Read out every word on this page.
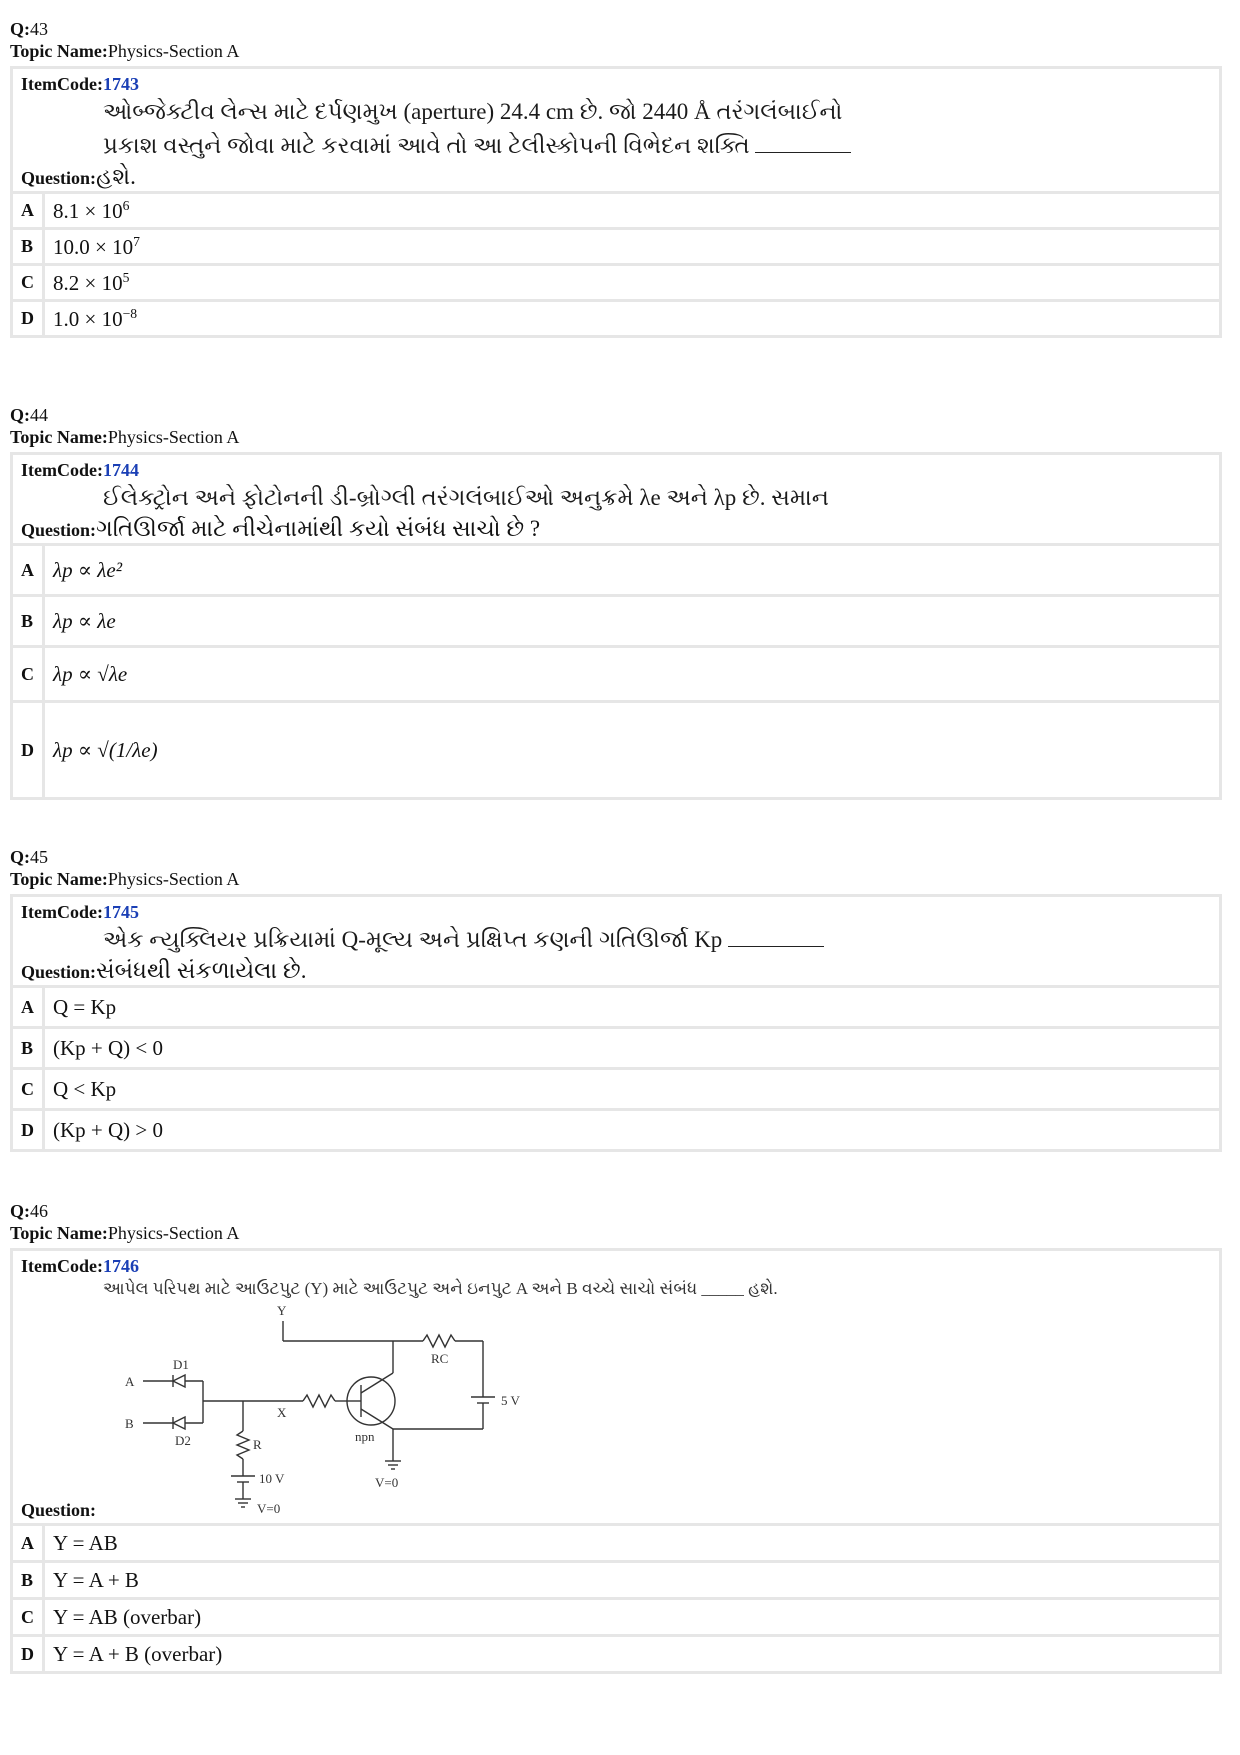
Q:43
Topic Name:Physics-Section A
ItemCode:1743
ઓબ્જેક્ટીવ લેન્સ માટે દર્પણમુખ (aperture) 24.4 cm છે. જો 2440 Å તરંગલંબાઈનો
પ્રકાશ વસ્તુને જોવા માટે કરવામાં આવે તો આ ટેલીસ્કોપની વિભેદન શક્તિ
Question: હશે.
A $8.1 \times 10^6$
B $10.0 \times 10^7$
C $8.2 \times 10^5$
D $1.0 \times 10^{-8}$
Q:44
Topic Name:Physics-Section A
ItemCode:1744
ઈલેક્ટ્રોન અને ફોટોનની ડી-બ્રોગ્લી તરંગલંબાઈઓ અનુક્રમે λe અને λp છે. સમાન
Question: ગતિઊર્જા માટે નીચેનામાંથી કયો સંબંધ સાચો છે ?
A λp ∝ λe²
B λp ∝ λe
C λp ∝ √λe
D λp ∝ √(1/λe)
Q:45
Topic Name:Physics-Section A
ItemCode:1745
એક ન્યુક્લિયર પ્રક્રિયામાં Q-મૂલ્ય અને પ્રક્ષિપ્ત કણની ગતિઊર્જા Kp
Question: સંબંધથી સંકળાયેલા છે.
A Q = Kp
B (Kp + Q) < 0
C Q < Kp
D (Kp + Q) > 0
Q:46
Topic Name:Physics-Section A
ItemCode:1746
આપેલ પરિપથ માટે આઉટપુટ (Y) માટે આઉટપુટ અને ઇનપુટ A અને B વચ્ચે સાચો સંબંધ _____ હશે.
Question:
Y
A
B
D1
D2
X
R
RC
npn
5 V
10 V
V=0
V=0
A Y = AB
B Y = A + B
C Y = AB (overbar)
D Y = A + B (overbar)
